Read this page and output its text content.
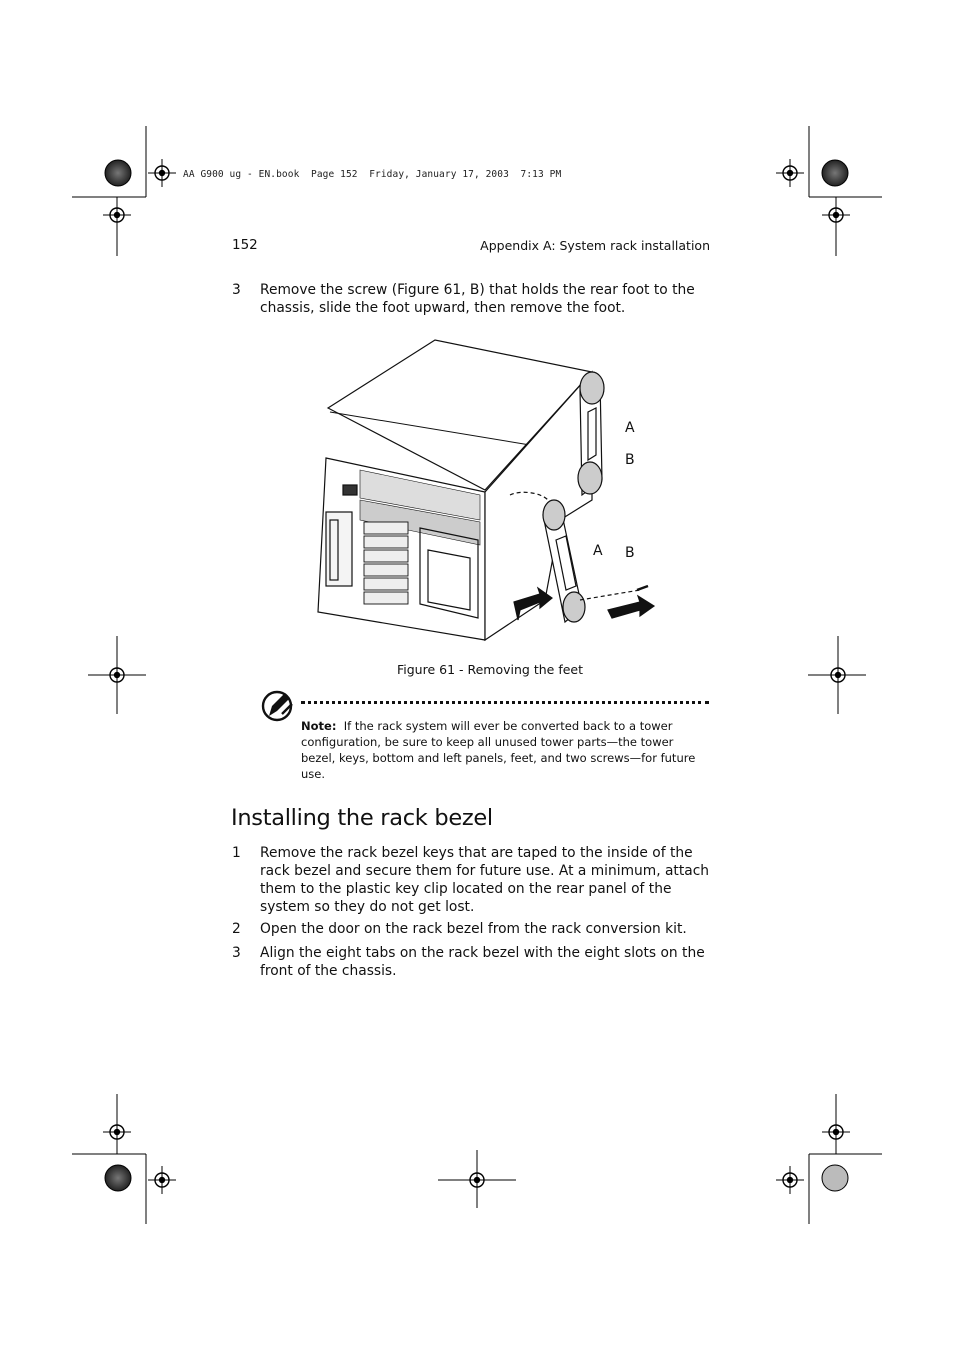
AA G900 ug - EN.book  Page 152  Friday, January 17, 2003  7:13 PM
152	Appendix A: System rack installation
3 Remove the screw (Figure 61, B) that holds the rear foot to the chassis, slide the foot upward, then remove the foot.
A
B
A B
Figure 61 - Removing the feet
Note: If the rack system will ever be converted back to a tower configuration, be sure to keep all unused tower parts—the tower bezel, keys, bottom and left panels, feet, and two screws—for future use.
Installing the rack bezel
1 Remove the rack bezel keys that are taped to the inside of the rack bezel and secure them for future use. At a minimum, attach them to the plastic key clip located on the rear panel of the system so they do not get lost.
2 Open the door on the rack bezel from the rack conversion kit.
3 Align the eight tabs on the rack bezel with the eight slots on the front of the chassis.
